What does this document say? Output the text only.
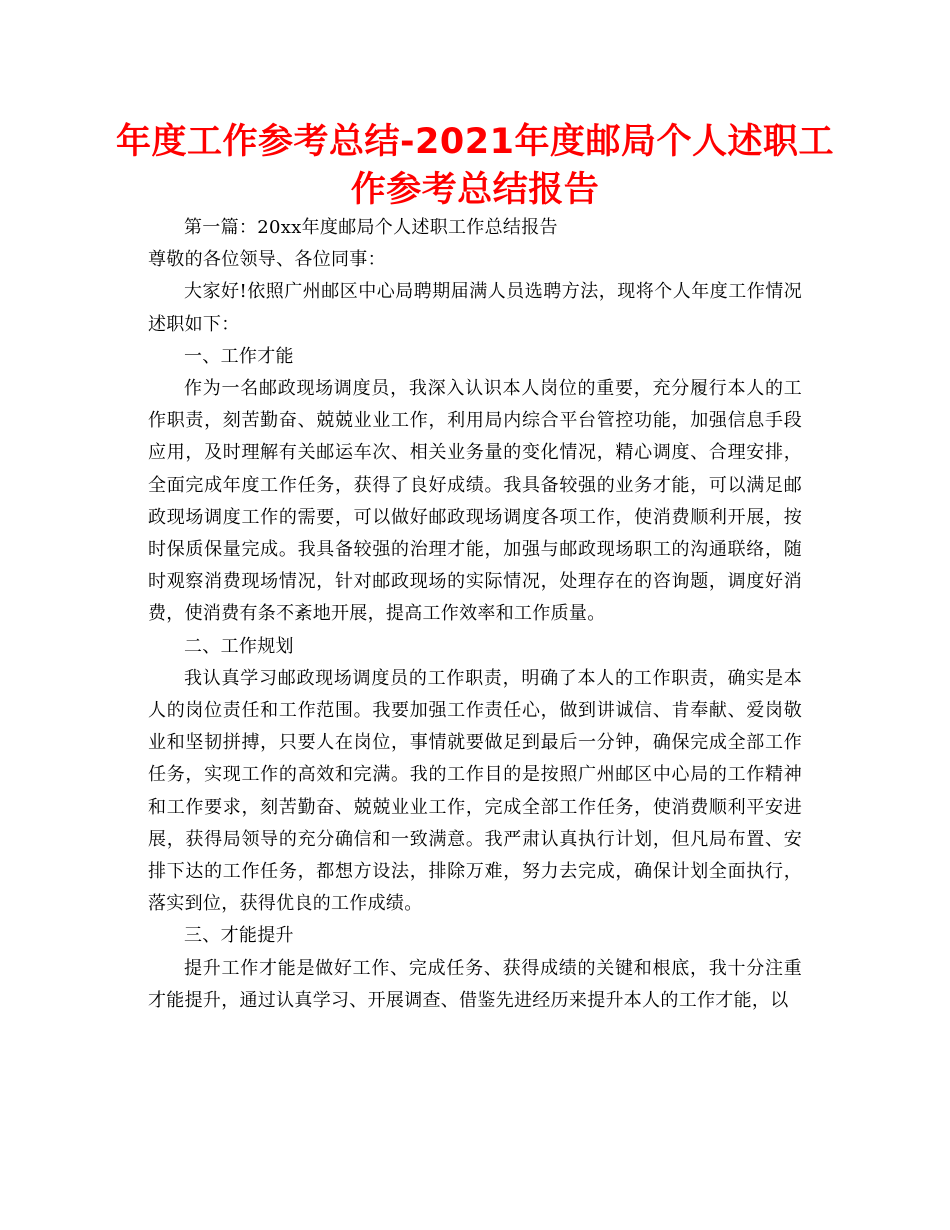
年度工作参考总结-2021年度邮局个人述职工作参考总结报告

第一篇：20xx年度邮局个人述职工作总结报告

尊敬的各位领导、各位同事：

大家好!依照广州邮区中心局聘期届满人员选聘方法，现将个人年度工作情况述职如下：

一、工作才能

作为一名邮政现场调度员，我深入认识本人岗位的重要，充分履行本人的工作职责，刻苦勤奋、兢兢业业工作，利用局内综合平台管控功能，加强信息手段应用，及时理解有关邮运车次、相关业务量的变化情况，精心调度、合理安排，全面完成年度工作任务，获得了良好成绩。我具备较强的业务才能，可以满足邮政现场调度工作的需要，可以做好邮政现场调度各项工作，使消费顺利开展，按时保质保量完成。我具备较强的治理才能，加强与邮政现场职工的沟通联络，随时观察消费现场情况，针对邮政现场的实际情况，处理存在的咨询题，调度好消费，使消费有条不紊地开展，提高工作效率和工作质量。

二、工作规划

我认真学习邮政现场调度员的工作职责，明确了本人的工作职责，确实是本人的岗位责任和工作范围。我要加强工作责任心，做到讲诚信、肯奉献、爱岗敬业和坚韧拼搏，只要人在岗位，事情就要做足到最后一分钟，确保完成全部工作任务，实现工作的高效和完满。我的工作目的是按照广州邮区中心局的工作精神和工作要求，刻苦勤奋、兢兢业业工作，完成全部工作任务，使消费顺利平安进展，获得局领导的充分确信和一致满意。我严肃认真执行计划，但凡局布置、安排下达的工作任务，都想方设法，排除万难，努力去完成，确保计划全面执行，落实到位，获得优良的工作成绩。

三、才能提升

提升工作才能是做好工作、完成任务、获得成绩的关键和根底，我十分注重才能提升，通过认真学习、开展调查、借鉴先进经历来提升本人的工作才能，以
